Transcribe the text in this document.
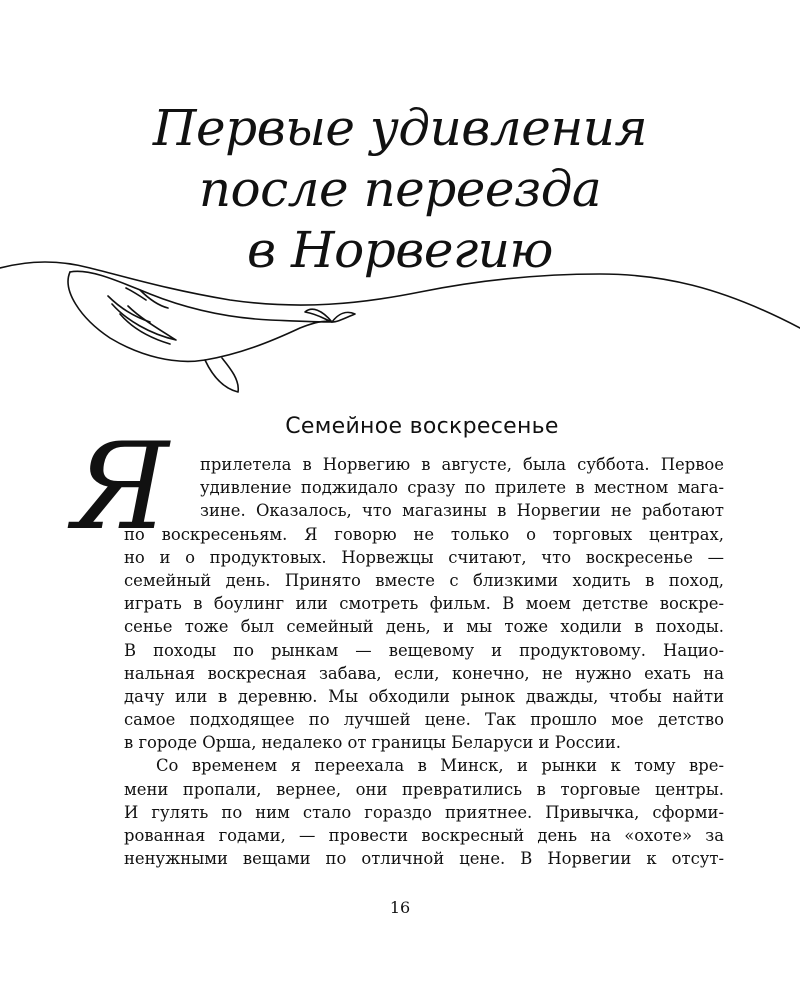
Первые удивления
после переезда
в Норвегию
Семейное воскресенье
Я	прилетела в Норвегию в августе, была суббота. Первое
удивление поджидало сразу по прилете в местном мага-
зине. Оказалось, что магазины в Норвегии не работают
по воскресеньям. Я говорю не только о торговых центрах,
но и о продуктовых. Норвежцы считают, что воскресенье —
семейный день. Принято вместе с близкими ходить в поход,
играть в боулинг или смотреть фильм. В моем детстве воскре-
сенье тоже был семейный день, и мы тоже ходили в походы.
В походы по рынкам — вещевому и продуктовому. Нацио-
нальная воскресная забава, если, конечно, не нужно ехать на
дачу или в деревню. Мы обходили рынок дважды, чтобы найти
самое подходящее по лучшей цене. Так прошло мое детство
в городе Орша, недалеко от границы Беларуси и России.
Со временем я переехала в Минск, и рынки к тому вре-
мени пропали, вернее, они превратились в торговые центры.
И гулять по ним стало гораздо приятнее. Привычка, сформи-
рованная годами, — провести воскресный день на «охоте» за
ненужными вещами по отличной цене. В Норвегии к отсут-
16
